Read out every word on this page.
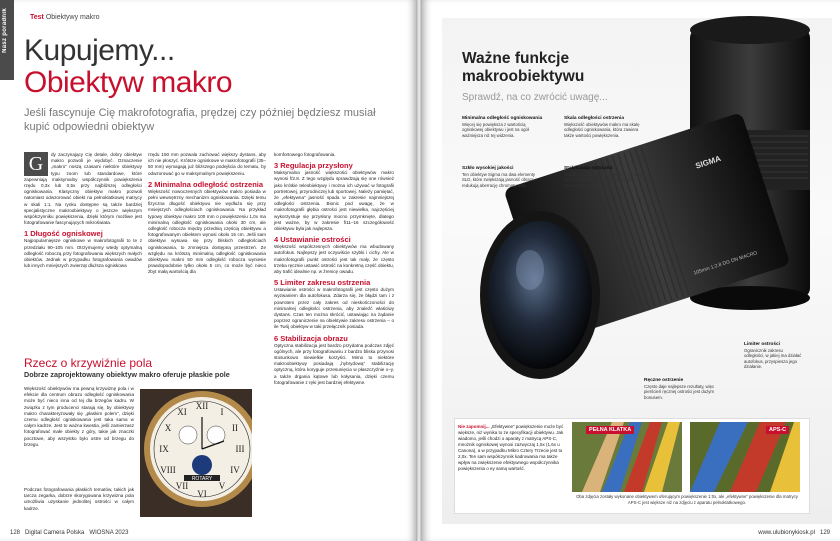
Nasz poradnik	Test Obiektywy makro
Kupujemy...
Obiektyw makro
Jeśli fascynuje Cię makrofotografia, prędzej czy później będziesz musiał kupić odpowiedni obiektyw
G	dy zaczynający Cię detale, dobry obiektyw makro pozwoli je wydobyć. Oznaczenie „makro” noszą czasami niektóre obiektywy typu zoom lub standardowe, które zapewniają maksymalny współczynnik powiększenia rzędu 0,3x lub 0,5x przy najbliższej odległości ogniskowania. Klasyczny obiektyw makro pozwoli natomiast odwzorować obiekt na pełnoklatkowej matrycy w skali 1:1. Na rynku dostępne są także bardziej specjalistyczne makroobiektywy o jeszcze większym współczynniku powiększenia, dzięki którym możliwe jest fotografowanie fascynujących mikroświata.

1 Długość ogniskowej

Najpopularniejsze ogniskowe w makrofotografii to te z przedziału 90–105 mm. Otrzymujemy wtedy optymalną odległość roboczą przy fotografowaniu większych małych obiektów. Jednak w przypadku fotografowania owadów lub innych mniejszych zwierząt dłuższa ogniskowa

rzędu 150 mm pozwala zachować większy dystans, aby ich nie płoszyć. Krótsze ogniskowe w makrofotografii (35–50 mm) wymagają już bliższego podejścia do tematu, by odwzorować go w maksymalnym powiększeniu.

2 Minimalna odległość ostrzenia

Większość nowoczesnych obiektywów makro posiada w pełni wewnętrzny mechanizm ogniskowania. Dzięki temu fizyczna długość obiektywu nie wydłuża się przy mniejszych odległościach ogniskowania. Na przykład typowy obiektyw makro 100 mm o powiększeniu 1,0x ma minimalną odległość ogniskowania około 30 cm, ale odległość robocza między przednią częścią obiektywu a fotografowanym obiektem wynosi około 15 cm. Jeśli sam obiektyw wysuwa się przy bliskich odległościach ogniskowania, to zmniejsza dostępną przestrzeń. Ze względu na krótszą minimalną odległość ogniskowania obiektywu makro 50 mm odległość robocza wyniesie prawdopodobnie tylko około 5 cm, co może być nieco zbyt małą wartością dla

komfortowego fotografowania.

3 Regulacja przysłony

Maksymalna jasność większości obiektywów makro wynosi f/2.8. Z tego względu sprawdzają się one również jako krótkie teleobiektywy i można ich używać w fotografii portretowej, przyrodniczej lub sportowej. Należy pamiętać, że „efektywna” jasność spada w zakresie najmniejszej odległości ostrzenia. Bionic pod uwagę, że w makrofotografii głębia ostrości jest niewielka, najczęściej wykorzystuje się przysłony mocno przymknięte, dlatego jest ważne, by w zakresie f/11–16 szczegółowość obiektywu była jak najlepsza.

4 Ustawianie ostrości

Większość współczesnych obiektywów ma wbudowany autofokus. Najlepszy jest oczywiście szybki i cichy. Ale w makrofotografii punkt ostrości jest tak mały, że często trzeba ręcznie ustawić ostrość na konkretną część obiektu, aby trafić idealnie np. w źrenicę owadu.

5 Limiter zakresu ostrzenia

Ustawianie ostrości w makrofotografii jest często dużym wyzwaniem dla autofokusa. Zdarza się, że błądzi tam i z powrotem przez cały zakres od nieskończoności do minimalnej odległości ostrzenia, aby znaleźć właściwy dystans. Czas ten można skrócić, ustawiając na żądanie poprzez ograniczenie na obiektywie zakresu ostrzenia – o ile Twój obiektyw w taki przełącznik posiada.

6 Stabilizacja obrazu

Optyczna stabilizacja jest bardzo przydatna podczas zdjęć ogólnych, ale przy fotografowaniu z bardzo bliska przynosi stosunkowo niewielkie korzyści. Mimo to niektóre makroobiektywy posiadają „hybrydową” stabilizację optyczną, która koryguje przesunięcia w płaszczyźnie x–y, a także drgania kątowe lub kołysania, dzięki czemu fotografowanie z ręki jest bardziej efektywne.

Rzecz o krzywiźnie pola
Dobrze zaprojektowany obiektyw makro oferuje płaskie pole

Większość obiektywów ma pewną krzywiznę pola i w efekcie dla centrum obrazu odległość ogniskowania może być nieco inna od tej dla brzegów kadru. W związku z tym producenci starają się, by obiektywy makro charakteryzowały się „płaskim polem”, dzięki czemu odległość ogniskowania jest taka sama w całym kadrze. Jest to ważna kwestia, jeśli zamierzasz fotografować małe obiekty z góry, takie jak znaczki pocztowe, aby wszystko było ostre od brzegu do brzegu.

Podczas fotografowania płaskich tematów, takich jak tarcza zegarka, dobrze skorygowana krzywizna pola umożliwia uzyskanie jednolitej ostrości w całym kadrze.

XII
III
VI
IX
I
II
IV
V
VII
VIII
X
XI
ROTARY
128 Digital Camera Polska WIOSNA 2023
SIGMA
105mm 1:2.8 DG DN MACRO
Ważne funkcje makroobiektywu
Sprawdź, na co zwrócić uwagę...
Minimalna odległość ogniskowania
Więcej się powiększa z wartością ogniskowej obiektywu i jest na ogół ważniejsza niż tej widzenia.
Skala odległości ostrzenia
Większość obiektywów makro ma skalę odległości ogniskowania, która zawiera także wartości powiększenia.
Szkło wysokiej jakości
Ten obiektyw Sigma ma dwa elementy SLD, które zwiększają jasność obrazu i redukują aberrację chromatyczną.
Stabilizacja optyczna
Stabilizacja optyczna jest ważna i pomaga, ale jest mniej skuteczna w przypadku ekstremalnych zbliżeń.
Limiter ostrości
Ogranicznik zakresu odległości, w jakiej ma działać autofokus, przyspiesza jego działanie.
Ręczne ostrzenie
Często daje najlepsze rezultaty, więc pierścień ręcznej ostrości jest dużym bonusem.
Nie zapomnij... „Efektywne” powiększenie może być większe, niż wynika to ze specyfikacji obiektywu. Jak wiadomo, jeśli chodzi o aparaty z matrycą APS-C, mnożnik ogniskowej wynosi zazwyczaj 1,5x (1,6x u Canona), a w przypadku Mikro Cztery Trzecie jest to 2,0x. Ten sam współczynnik kadrowania ma także wpływ na zwiększenie efektywnego współczynnika powiększenia o ey samą wartość.
PEŁNA KLATKA	APS-C
Oba zdjęcia zostały wykonane obiektywem oferującym powiększenie 1:0x, ale „efektywne” powiększenie dla matrycy APS-C jest większe niż na zdjęciu z aparatu pełnoklatkowego.
www.ulubionykiosk.pl 129
